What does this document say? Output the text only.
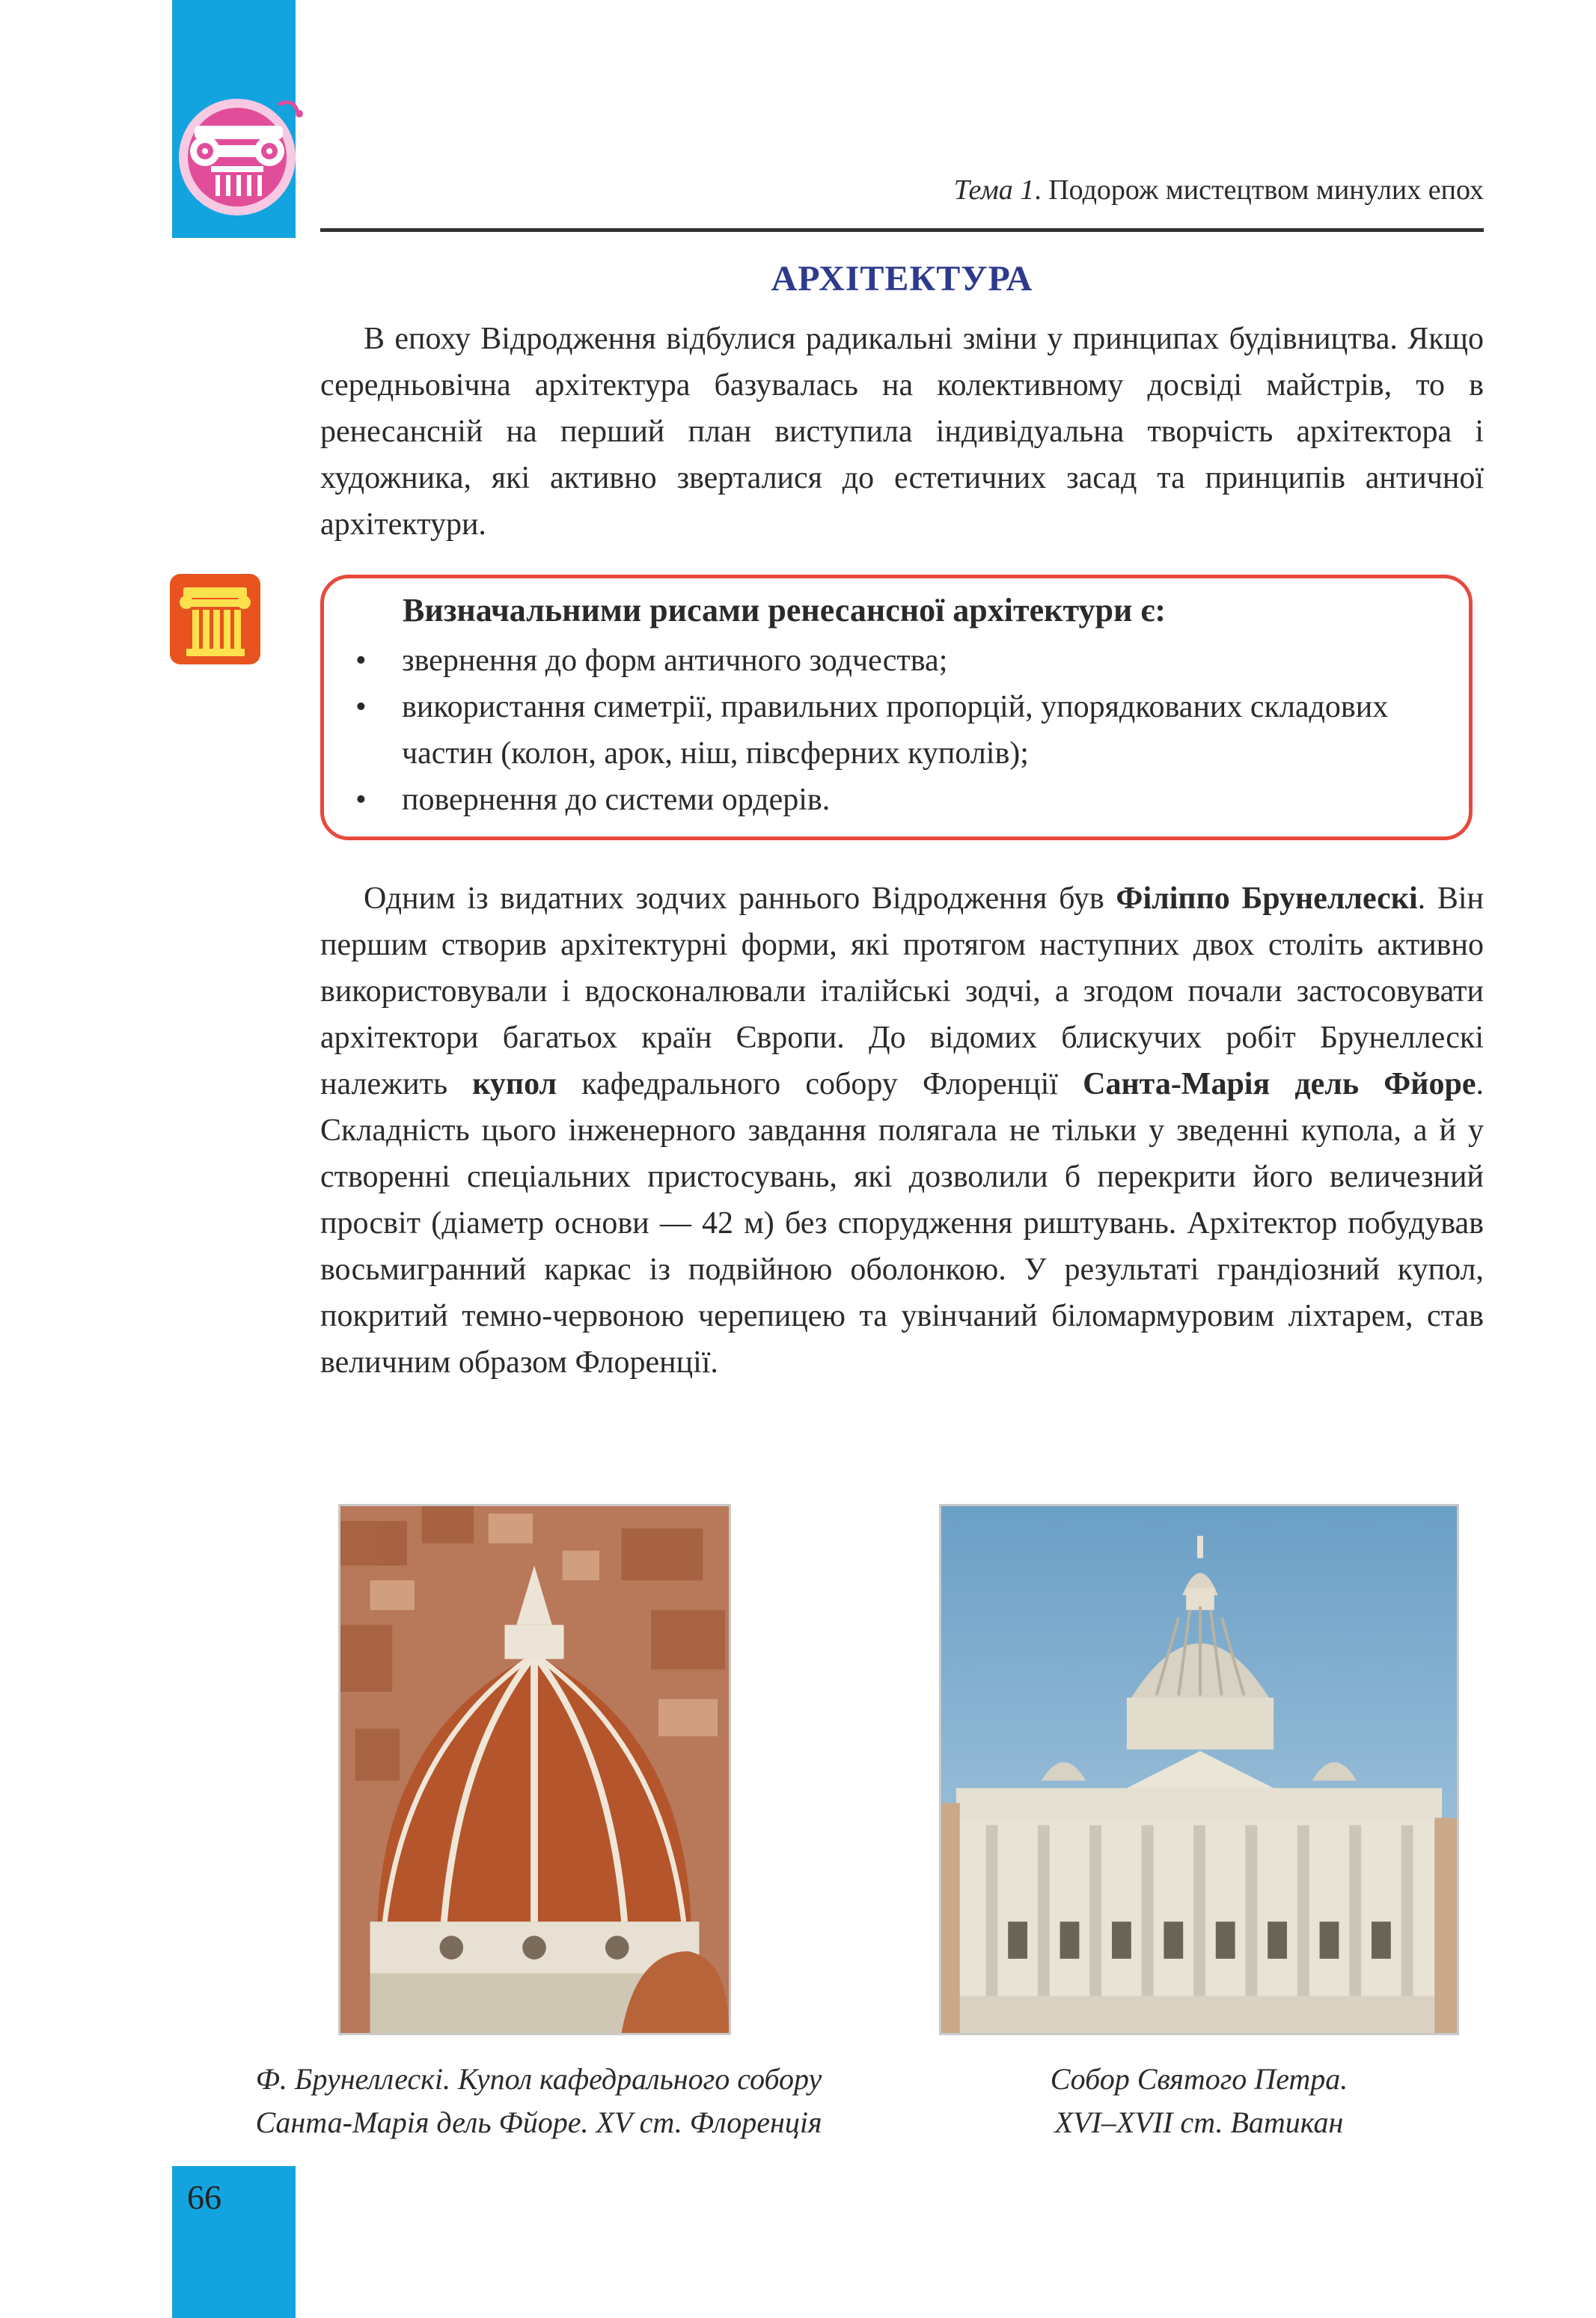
Тема 1. Подорож мистецтвом минулих епох
АРХІТЕКТУРА

В епоху Відродження відбулися радикальні зміни у принципах будівництва. Якщо середньовічна архітектура базувалась на колективному досвіді майстрів, то в ренесансній на перший план виступила індивідуальна творчість архітектора і художника, які активно зверталися до естетичних засад та принципів античної архітектури.

Визначальними рисами ренесансної архітектури є:
• звернення до форм античного зодчества;
• використання симетрії, правильних пропорцій, упорядкованих складових частин (колон, арок, ніш, півсферних куполів);
• повернення до системи ордерів.

Одним із видатних зодчих раннього Відродження був Філіппо Брунеллескі. Він першим створив архітектурні форми, які протягом наступних двох століть активно використовували і вдосконалювали італійські зодчі, а згодом почали застосовувати архітектори багатьох країн Європи. До відомих блискучих робіт Брунеллескі належить купол кафедрального собору Флоренції Санта-Марія дель Фйоре. Складність цього інженерного завдання полягала не тільки у зведенні купола, а й у створенні спеціальних пристосувань, які дозволили б перекрити його величезний просвіт (діаметр основи — 42 м) без спорудження риштувань. Архітектор побудував восьмигранний каркас із подвійною оболонкою. У результаті грандіозний купол, покритий темно-червоною черепицею та увінчаний біломармуровим ліхтарем, став величним образом Флоренції.

Ф. Брунеллескі. Купол кафедрального собору
Санта-Марія дель Фйоре. XV ст. Флоренція
Собор Святого Петра.
XVI–XVII ст. Ватикан
66
